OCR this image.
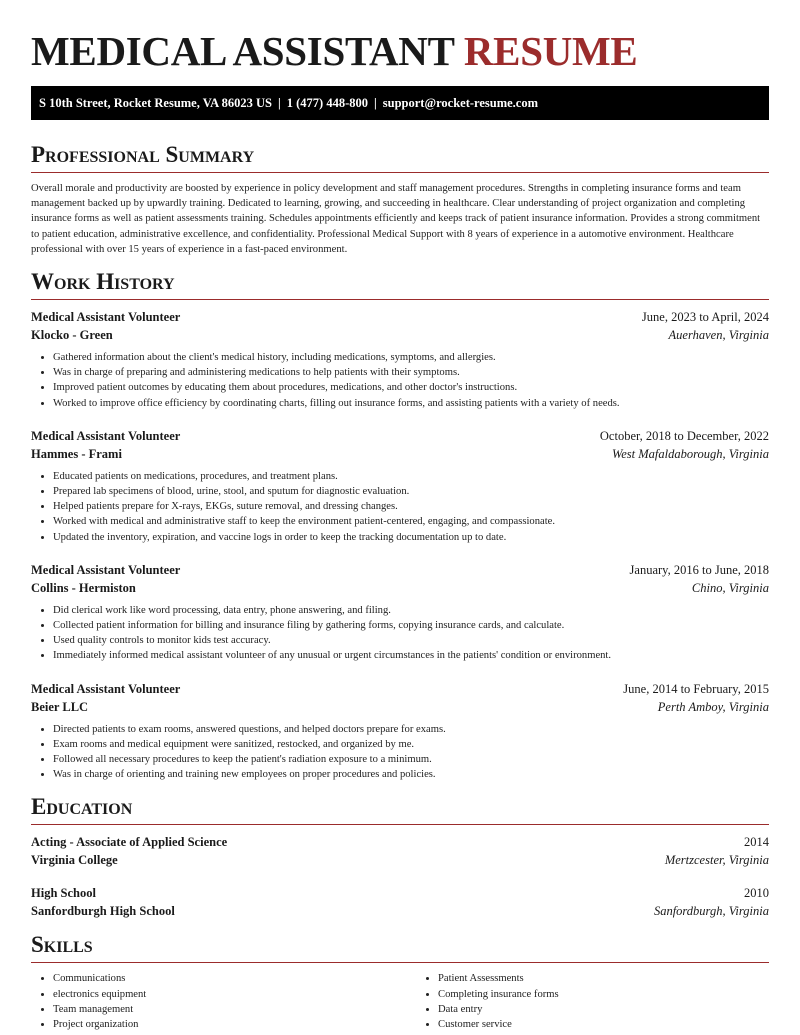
MEDICAL ASSISTANT RESUME
S 10th Street, Rocket Resume, VA 86023 US | 1 (477) 448-800 | support@rocket-resume.com
Professional Summary

Overall morale and productivity are boosted by experience in policy development and staff management procedures. Strengths in completing insurance forms and team management backed up by upwardly training. Dedicated to learning, growing, and succeeding in healthcare. Clear understanding of project organization and completing insurance forms as well as patient assessments training. Schedules appointments efficiently and keeps track of patient insurance information. Provides a strong commitment to patient education, administrative excellence, and confidentiality. Professional Medical Support with 8 years of experience in a automotive environment. Healthcare professional with over 15 years of experience in a fast-paced environment.

Work History
Medical Assistant Volunteer	June, 2023 to April, 2024
Klocko - Green	Auerhaven, Virginia
• Gathered information about the client's medical history, including medications, symptoms, and allergies.
• Was in charge of preparing and administering medications to help patients with their symptoms.
• Improved patient outcomes by educating them about procedures, medications, and other doctor's instructions.
• Worked to improve office efficiency by coordinating charts, filling out insurance forms, and assisting patients with a variety of needs.
Medical Assistant Volunteer	October, 2018 to December, 2022
Hammes - Frami	West Mafaldaborough, Virginia
• Educated patients on medications, procedures, and treatment plans.
• Prepared lab specimens of blood, urine, stool, and sputum for diagnostic evaluation.
• Helped patients prepare for X-rays, EKGs, suture removal, and dressing changes.
• Worked with medical and administrative staff to keep the environment patient-centered, engaging, and compassionate.
• Updated the inventory, expiration, and vaccine logs in order to keep the tracking documentation up to date.
Medical Assistant Volunteer	January, 2016 to June, 2018
Collins - Hermiston	Chino, Virginia
• Did clerical work like word processing, data entry, phone answering, and filing.
• Collected patient information for billing and insurance filing by gathering forms, copying insurance cards, and calculate.
• Used quality controls to monitor kids test accuracy.
• Immediately informed medical assistant volunteer of any unusual or urgent circumstances in the patients' condition or environment.
Medical Assistant Volunteer	June, 2014 to February, 2015
Beier LLC	Perth Amboy, Virginia
• Directed patients to exam rooms, answered questions, and helped doctors prepare for exams.
• Exam rooms and medical equipment were sanitized, restocked, and organized by me.
• Followed all necessary procedures to keep the patient's radiation exposure to a minimum.
• Was in charge of orienting and training new employees on proper procedures and policies.
Education
Acting - Associate of Applied Science	2014
Virginia College	Mertzcester, Virginia
High School	2010
Sanfordburgh High School	Sanfordburgh, Virginia
Skills
• Communications
• electronics equipment
• Team management
• Project organization
• Patient Assessments
• Completing insurance forms
• Data entry
• Customer service
